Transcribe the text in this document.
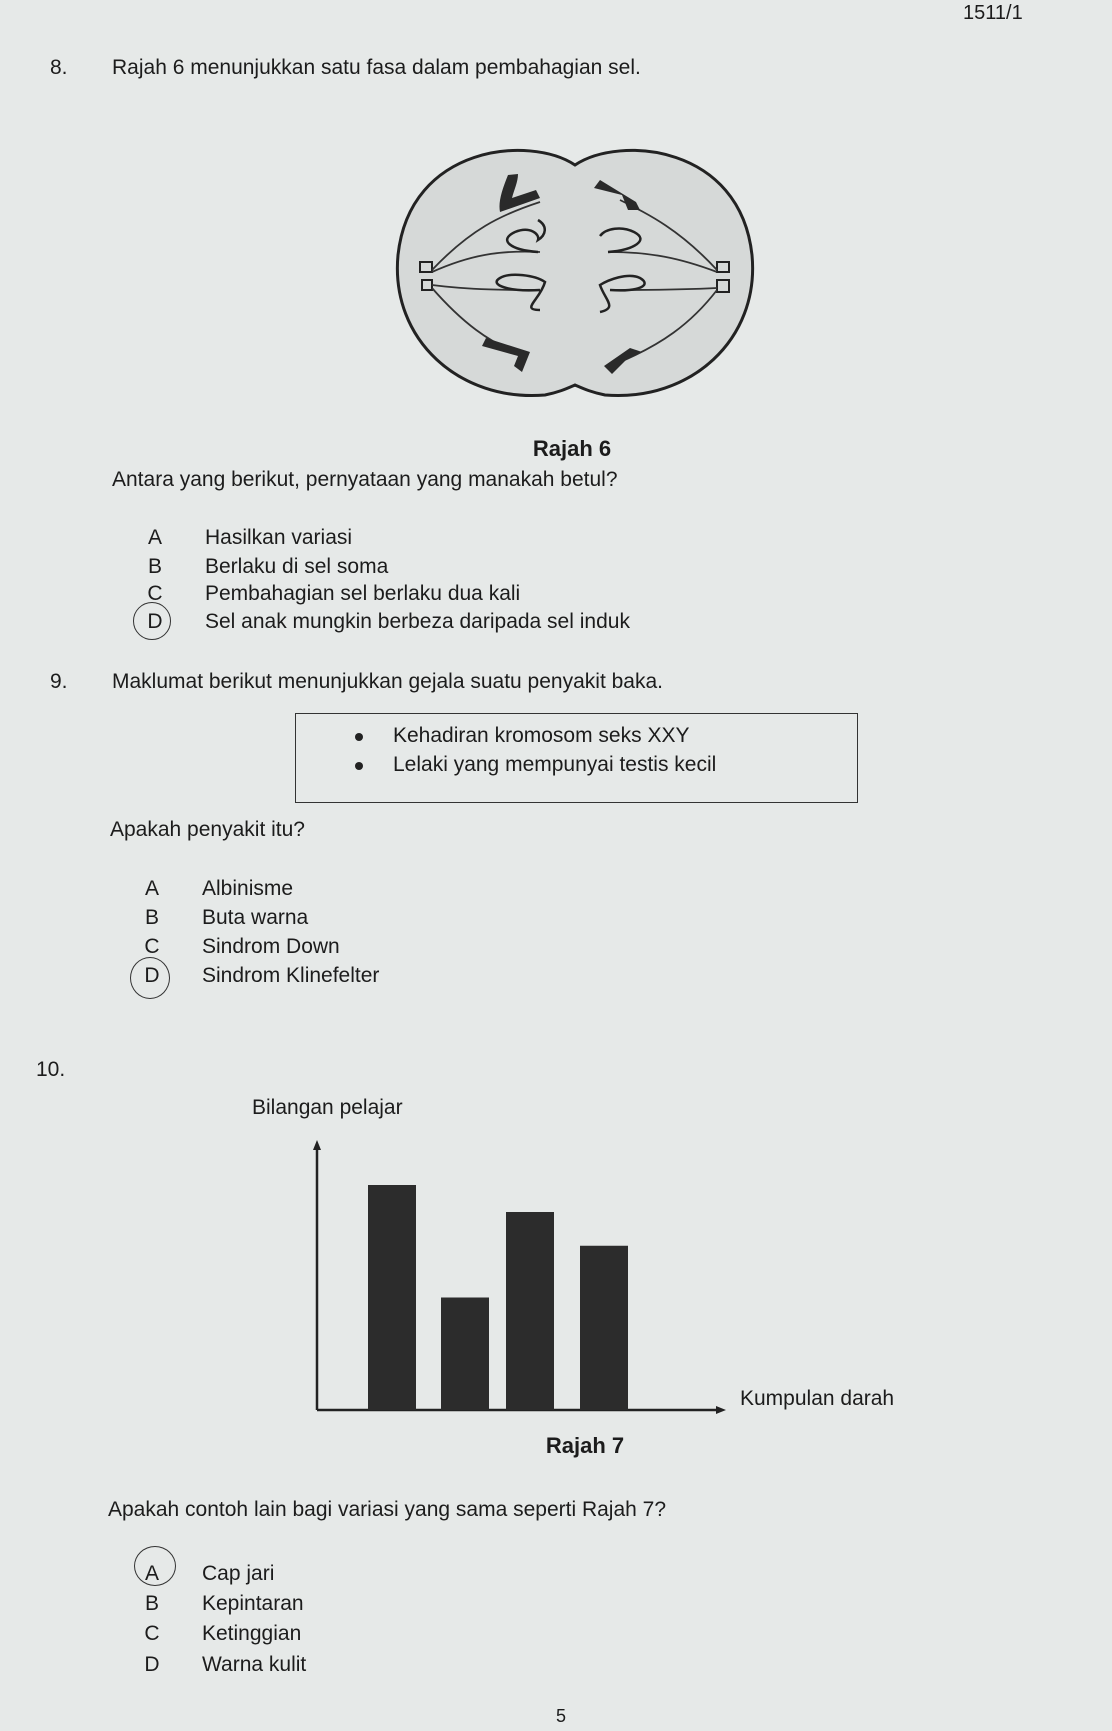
1511/1
8. Rajah 6 menunjukkan satu fasa dalam pembahagian sel.
Rajah 6
Antara yang berikut, pernyataan yang manakah betul?
A Hasilkan variasi
B Berlaku di sel soma
C Pembahagian sel berlaku dua kali
D Sel anak mungkin berbeza daripada sel induk
9. Maklumat berikut menunjukkan gejala suatu penyakit baka.
Kehadiran kromosom seks XXY
Lelaki yang mempunyai testis kecil
Apakah penyakit itu?
A Albinisme
B Buta warna
C Sindrom Down
D Sindrom Klinefelter
10.
Bilangan pelajar
Kumpulan darah
Rajah 7
Apakah contoh lain bagi variasi yang sama seperti Rajah 7?
A Cap jari
B Kepintaran
C Ketinggian
D Warna kulit
5
